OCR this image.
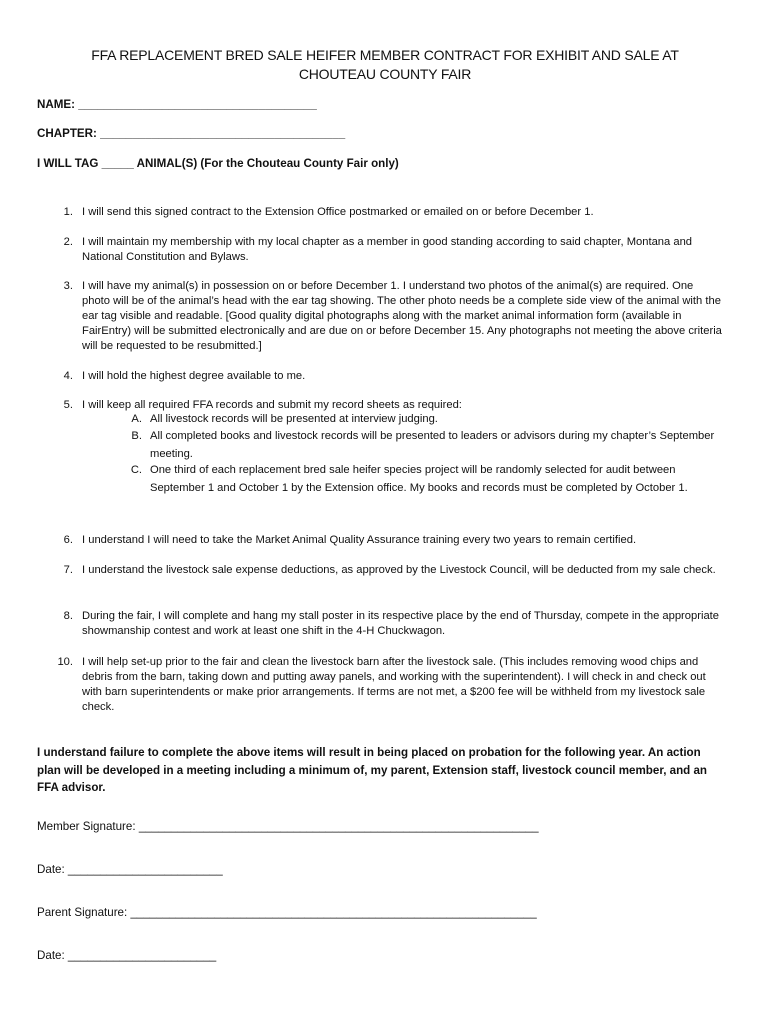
FFA REPLACEMENT BRED SALE HEIFER MEMBER CONTRACT FOR EXHIBIT AND SALE AT
CHOUTEAU COUNTY FAIR
NAME: _____________________________________
CHAPTER: ______________________________________
I WILL TAG _____ ANIMAL(S) (For the Chouteau County Fair only)
1. I will send this signed contract to the Extension Office postmarked or emailed on or before December 1.
2. I will maintain my membership with my local chapter as a member in good standing according to said chapter, Montana and National Constitution and Bylaws.
3. I will have my animal(s) in possession on or before December 1. I understand two photos of the animal(s) are required. One photo will be of the animal’s head with the ear tag showing. The other photo needs be a complete side view of the animal with the ear tag visible and readable. [Good quality digital photographs along with the market animal information form (available in FairEntry) will be submitted electronically and are due on or before December 15. Any photographs not meeting the above criteria will be requested to be resubmitted.]
4. I will hold the highest degree available to me.
5. I will keep all required FFA records and submit my record sheets as required:
A. All livestock records will be presented at interview judging.
B. All completed books and livestock records will be presented to leaders or advisors during my chapter’s September meeting.
C. One third of each replacement bred sale heifer species project will be randomly selected for audit between September 1 and October 1 by the Extension office. My books and records must be completed by October 1.
6. I understand I will need to take the Market Animal Quality Assurance training every two years to remain certified.
7. I understand the livestock sale expense deductions, as approved by the Livestock Council, will be deducted from my sale check.
8. During the fair, I will complete and hang my stall poster in its respective place by the end of Thursday, compete in the appropriate showmanship contest and work at least one shift in the 4-H Chuckwagon.
10. I will help set-up prior to the fair and clean the livestock barn after the livestock sale. (This includes removing wood chips and debris from the barn, taking down and putting away panels, and working with the superintendent). I will check in and check out with barn superintendents or make prior arrangements. If terms are not met, a $200 fee will be withheld from my livestock sale check.
I understand failure to complete the above items will result in being placed on probation for the following year. An action plan will be developed in a meeting including a minimum of, my parent, Extension staff, livestock council member, and an FFA advisor.
Member Signature: ______________________________________________________________
Date: ________________________
Parent Signature: _______________________________________________________________
Date: _______________________
